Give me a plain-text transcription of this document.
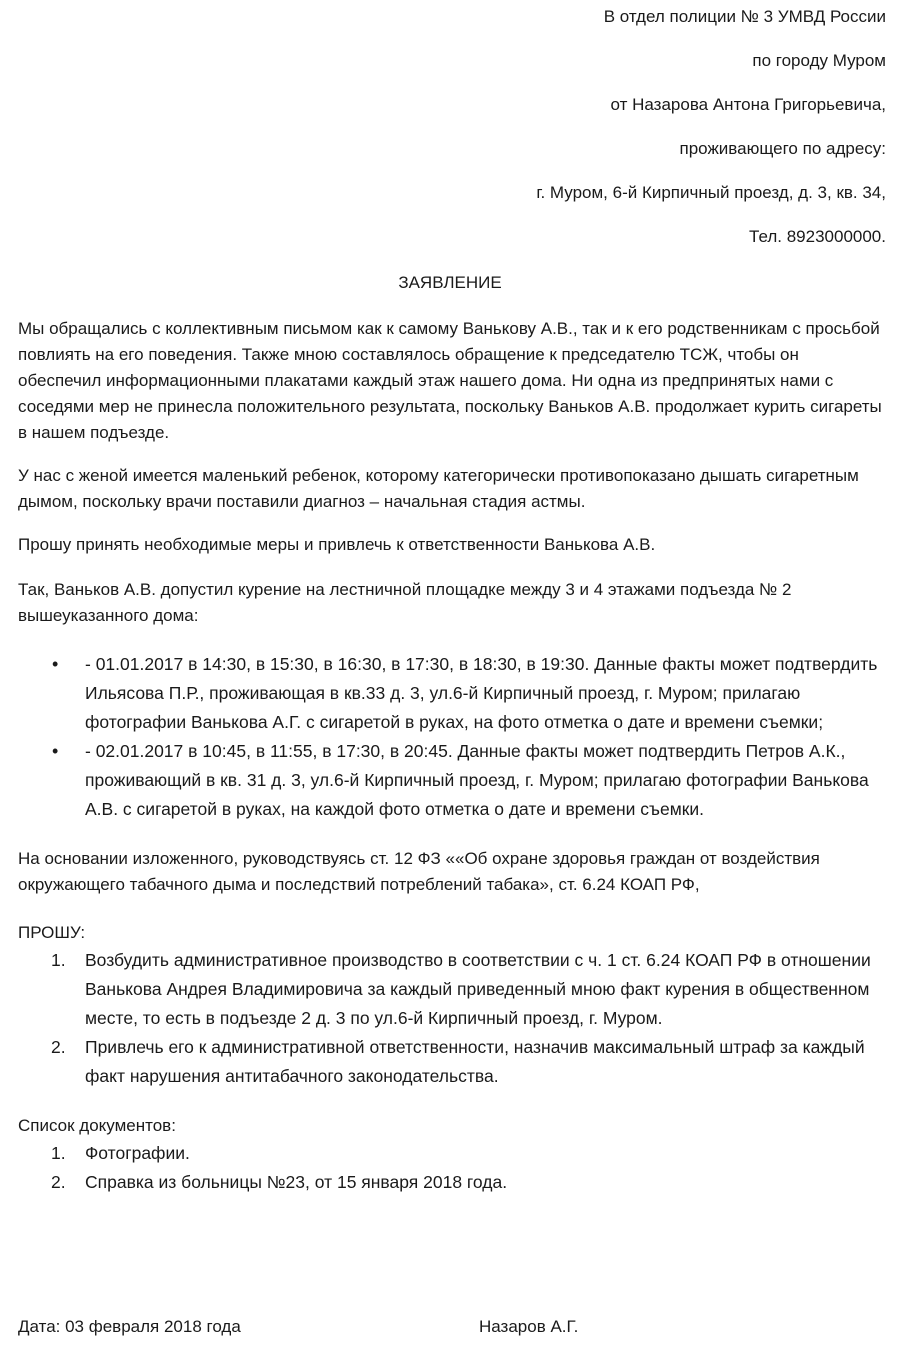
В отдел полиции № 3 УМВД России
по городу Муром
от Назарова Антона Григорьевича,
проживающего по адресу:
г. Муром, 6-й Кирпичный проезд, д. 3, кв. 34,
Тел. 8923000000.
ЗАЯВЛЕНИЕ

Мы обращались с коллективным письмом как к самому Ванькову А.В., так и к его родственникам с просьбой повлиять на его поведения. Также мною составлялось обращение к председателю ТСЖ, чтобы он обеспечил информационными плакатами каждый этаж нашего дома. Ни одна из предпринятых нами с соседями мер не принесла положительного результата, поскольку Ваньков А.В. продолжает курить сигареты в нашем подъезде.

У нас с женой имеется маленький ребенок, которому категорически противопоказано дышать сигаретным дымом, поскольку врачи поставили диагноз – начальная стадия астмы.

Прошу принять необходимые меры и привлечь к ответственности Ванькова А.В.

Так, Ваньков А.В. допустил курение на лестничной площадке между 3 и 4 этажами подъезда № 2 вышеуказанного дома:

• - 01.01.2017 в 14:30, в 15:30, в 16:30, в 17:30, в 18:30, в 19:30. Данные факты может подтвердить Ильясова П.Р., проживающая в кв.33 д. 3, ул.6-й Кирпичный проезд, г. Муром; прилагаю фотографии Ванькова А.Г. с сигаретой в руках, на фото отметка о дате и времени съемки;
• - 02.01.2017 в 10:45, в 11:55, в 17:30, в 20:45. Данные факты может подтвердить Петров А.К., проживающий в кв. 31 д. 3, ул.6-й Кирпичный проезд, г. Муром; прилагаю фотографии Ванькова А.В. с сигаретой в руках, на каждой фото отметка о дате и времени съемки.

На основании изложенного, руководствуясь ст. 12 ФЗ ««Об охране здоровья граждан от воздействия окружающего табачного дыма и последствий потреблений табака», ст. 6.24 КОАП РФ,

ПРОШУ:

1. Возбудить административное производство в соответствии с ч. 1 ст. 6.24 КОАП РФ в отношении Ванькова Андрея Владимировича за каждый приведенный мною факт курения в общественном месте, то есть в подъезде 2 д. 3 по ул.6-й Кирпичный проезд, г. Муром.
2. Привлечь его к административной ответственности, назначив максимальный штраф за каждый факт нарушения антитабачного законодательства.

Список документов:

1. Фотографии.
2. Справка из больницы №23, от 15 января 2018 года.
Дата: 03 февраля 2018 года	Назаров А.Г.
